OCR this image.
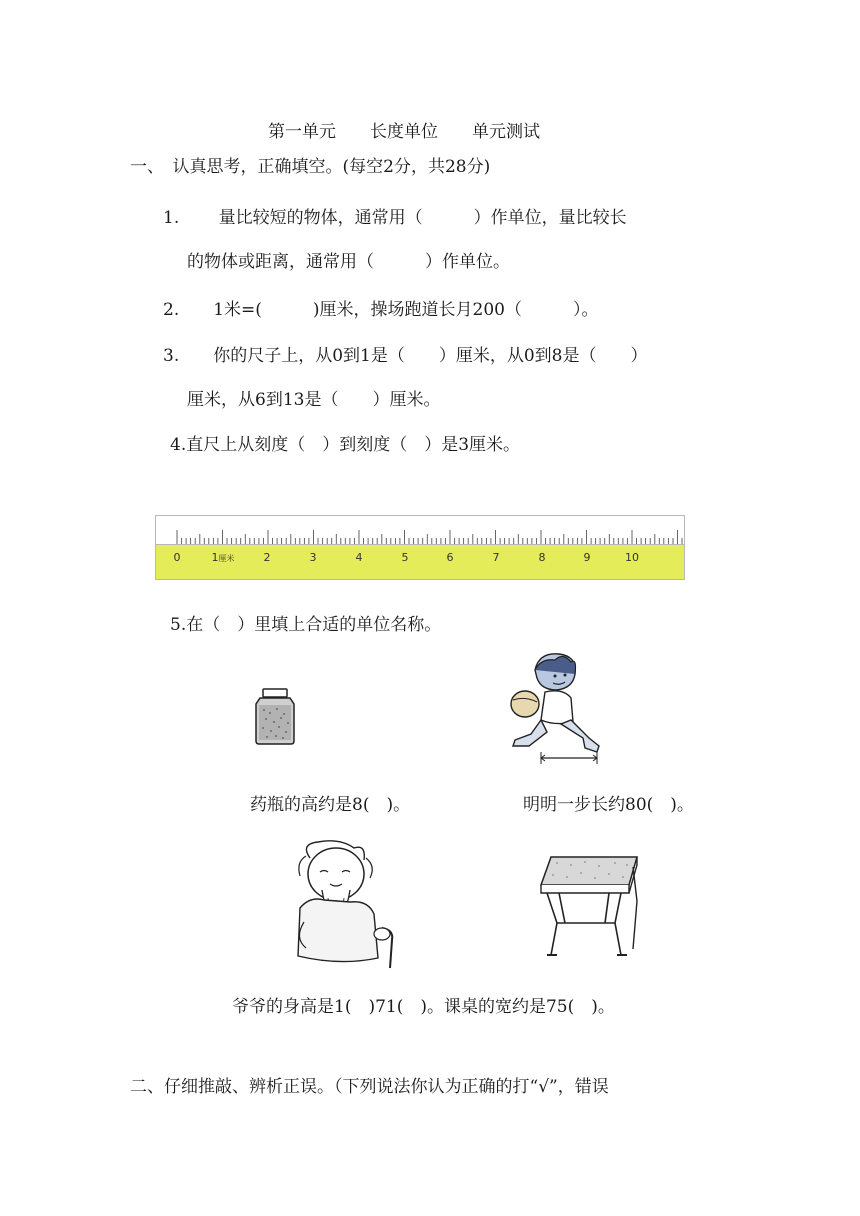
第一单元　　长度单位　　单元测试
一、　认真思考，正确填空。(每空2分，共28分)
1.　　 量比较短的物体，通常用（　　　）作单位，量比较长
的物体或距离，通常用（　　　）作单位。
2.　　1米=(　　　)厘米，操场跑道长月200（　　　）。
3.　　你的尺子上，从0到1是（　　）厘米，从0到8是（　　）
厘米，从6到13是（　　）厘米。
4.直尺上从刻度（　）到刻度（　）是3厘米。
0	1厘米	2	3	4	5	6	7	8	9	10
5.在（　）里填上合适的单位名称。
药瓶的高约是8(　)。	明明一步长约80(　)。
爷爷的身高是1(　)71(　)。课桌的宽约是75(　)。
二、仔细推敲、辨析正误。（下列说法你认为正确的打“√”，错误
